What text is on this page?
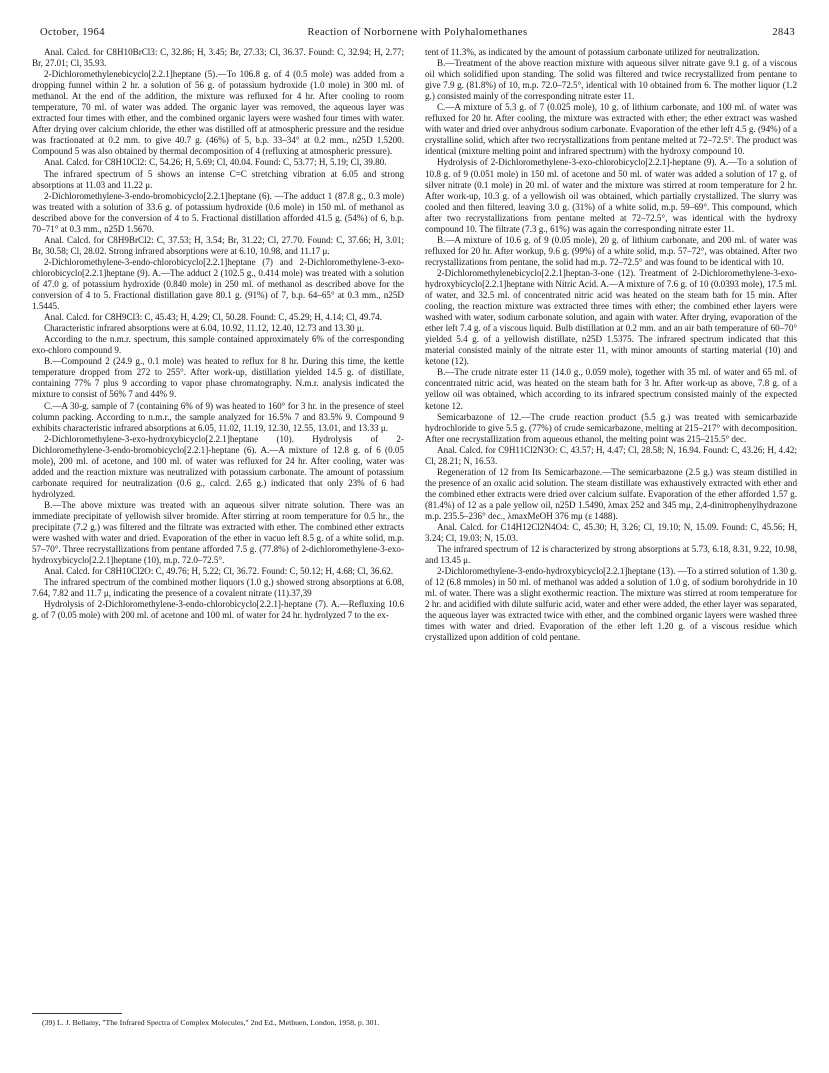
October, 1964	Reaction of Norbornene with Polyhalomethanes	2843

Anal. Calcd. for C8H10BrCl3: C, 32.86; H, 3.45; Br, 27.33; Cl, 36.37. Found: C, 32.94; H, 2.77; Br, 27.01; Cl, 35.93.

2-Dichloromethylenebicyclo[2.2.1]heptane (5).—To 106.8 g. of 4 (0.5 mole) was added from a dropping funnel within 2 hr. a solution of 56 g. of potassium hydroxide (1.0 mole) in 300 ml. of methanol. At the end of the addition, the mixture was refluxed for 4 hr. After cooling to room temperature, 70 ml. of water was added. The organic layer was removed, the aqueous layer was extracted four times with ether, and the combined organic layers were washed four times with water. After drying over calcium chloride, the ether was distilled off at atmospheric pressure and the residue was fractionated at 0.2 mm. to give 40.7 g. (46%) of 5, b.p. 33–34° at 0.2 mm., n25D 1.5200. Compound 5 was also obtained by thermal decomposition of 4 (refluxing at atmospheric pressure).

Anal. Calcd. for C8H10Cl2: C, 54.26; H, 5.69; Cl, 40.04. Found: C, 53.77; H, 5.19; Cl, 39.80.

The infrared spectrum of 5 shows an intense C=C stretching vibration at 6.05 and strong absorptions at 11.03 and 11.22 μ.

2-Dichloromethylene-3-endo-bromobicyclo[2.2.1]heptane (6). —The adduct 1 (87.8 g., 0.3 mole) was treated with a solution of 33.6 g. of potassium hydroxide (0.6 mole) in 150 ml. of methanol as described above for the conversion of 4 to 5. Fractional distillation afforded 41.5 g. (54%) of 6, b.p. 70–71° at 0.3 mm., n25D 1.5670.

Anal. Calcd. for C8H9BrCl2: C, 37.53; H, 3.54; Br, 31.22; Cl, 27.70. Found: C, 37.66; H, 3.01; Br, 30.58; Cl, 28.02. Strong infrared absorptions were at 6.10, 10.98, and 11.17 μ.

2-Dichloromethylene-3-endo-chlorobicyclo[2.2.1]heptane (7) and 2-Dichloromethylene-3-exo-chlorobicyclo[2.2.1]heptane (9). A.—The adduct 2 (102.5 g., 0.414 mole) was treated with a solution of 47.0 g. of potassium hydroxide (0.840 mole) in 250 ml. of methanol as described above for the conversion of 4 to 5. Fractional distillation gave 80.1 g. (91%) of 7, b.p. 64–65° at 0.3 mm., n25D 1.5445.

Anal. Calcd. for C8H9Cl3: C, 45.43; H, 4.29; Cl, 50.28. Found: C, 45.29; H, 4.14; Cl, 49.74.

Characteristic infrared absorptions were at 6.04, 10.92, 11.12, 12.40, 12.73 and 13.30 μ.

According to the n.m.r. spectrum, this sample contained approximately 6% of the corresponding exo-chloro compound 9.

B.—Compound 2 (24.9 g., 0.1 mole) was heated to reflux for 8 hr. During this time, the kettle temperature dropped from 272 to 255°. After work-up, distillation yielded 14.5 g. of distillate, containing 77% 7 plus 9 according to vapor phase chromatography. N.m.r. analysis indicated the mixture to consist of 56% 7 and 44% 9.

C.—A 30-g. sample of 7 (containing 6% of 9) was heated to 160° for 3 hr. in the presence of steel column packing. According to n.m.r., the sample analyzed for 16.5% 7 and 83.5% 9. Compound 9 exhibits characteristic infrared absorptions at 6.05, 11.02, 11.19, 12.30, 12.55, 13.01, and 13.33 μ.

2-Dichloromethylene-3-exo-hydroxybicyclo[2.2.1]heptane (10). Hydrolysis of 2-Dichloromethylene-3-endo-bromobicyclo[2.2.1]-heptane (6). A.—A mixture of 12.8 g. of 6 (0.05 mole), 200 ml. of acetone, and 100 ml. of water was refluxed for 24 hr. After cooling, water was added and the reaction mixture was neutralized with potassium carbonate. The amount of potassium carbonate required for neutralization (0.6 g., calcd. 2.65 g.) indicated that only 23% of 6 had hydrolyzed.

B.—The above mixture was treated with an aqueous silver nitrate solution. There was an immediate precipitate of yellowish silver bromide. After stirring at room temperature for 0.5 hr., the precipitate (7.2 g.) was filtered and the filtrate was extracted with ether. The combined ether extracts were washed with water and dried. Evaporation of the ether in vacuo left 8.5 g. of a white solid, m.p. 57–70°. Three recrystallizations from pentane afforded 7.5 g. (77.8%) of 2-dichloromethylene-3-exo-hydroxybicyclo[2.2.1]heptane (10), m.p. 72.0–72.5°.

Anal. Calcd. for C8H10Cl2O: C, 49.76; H, 5.22; Cl, 36.72. Found: C, 50.12; H, 4.68; Cl, 36.62.

The infrared spectrum of the combined mother liquors (1.0 g.) showed strong absorptions at 6.08, 7.64, 7.82 and 11.7 μ, indicating the presence of a covalent nitrate (11).37,39

Hydrolysis of 2-Dichloromethylene-3-endo-chlorobicyclo[2.2.1]-heptane (7). A.—Refluxing 10.6 g. of 7 (0.05 mole) with 200 ml. of acetone and 100 ml. of water for 24 hr. hydrolyzed 7 to the ex-

tent of 11.3%, as indicated by the amount of potassium carbonate utilized for neutralization.

B.—Treatment of the above reaction mixture with aqueous silver nitrate gave 9.1 g. of a viscous oil which solidified upon standing. The solid was filtered and twice recrystallized from pentane to give 7.9 g. (81.8%) of 10, m.p. 72.0–72.5°, identical with 10 obtained from 6. The mother liquor (1.2 g.) consisted mainly of the corresponding nitrate ester 11.

C.—A mixture of 5.3 g. of 7 (0.025 mole), 10 g. of lithium carbonate, and 100 ml. of water was refluxed for 20 hr. After cooling, the mixture was extracted with ether; the ether extract was washed with water and dried over anhydrous sodium carbonate. Evaporation of the ether left 4.5 g. (94%) of a crystalline solid, which after two recrystallizations from pentane melted at 72–72.5°. The product was identical (mixture melting point and infrared spectrum) with the hydroxy compound 10.

Hydrolysis of 2-Dichloromethylene-3-exo-chlorobicyclo[2.2.1]-heptane (9). A.—To a solution of 10.8 g. of 9 (0.051 mole) in 150 ml. of acetone and 50 ml. of water was added a solution of 17 g. of silver nitrate (0.1 mole) in 20 ml. of water and the mixture was stirred at room temperature for 2 hr. After work-up, 10.3 g. of a yellowish oil was obtained, which partially crystallized. The slurry was cooled and then filtered, leaving 3.0 g. (31%) of a white solid, m.p. 59–69°. This compound, which after two recrystallizations from pentane melted at 72–72.5°, was identical with the hydroxy compound 10. The filtrate (7.3 g., 61%) was again the corresponding nitrate ester 11.

B.—A mixture of 10.6 g. of 9 (0.05 mole), 20 g. of lithium carbonate, and 200 ml. of water was refluxed for 20 hr. After workup, 9.6 g. (99%) of a white solid, m.p. 57–72°, was obtained. After two recrystallizations from pentane, the solid had m.p. 72–72.5° and was found to be identical with 10.

2-Dichloromethylenebicyclo[2.2.1]heptan-3-one (12). Treatment of 2-Dichloromethylene-3-exo-hydroxybicyclo[2.2.1]heptane with Nitric Acid. A.—A mixture of 7.6 g. of 10 (0.0393 mole), 17.5 ml. of water, and 32.5 ml. of concentrated nitric acid was heated on the steam bath for 15 min. After cooling, the reaction mixture was extracted three times with ether; the combined ether layers were washed with water, sodium carbonate solution, and again with water. After drying, evaporation of the ether left 7.4 g. of a viscous liquid. Bulb distillation at 0.2 mm. and an air bath temperature of 60–70° yielded 5.4 g. of a yellowish distillate, n25D 1.5375. The infrared spectrum indicated that this material consisted mainly of the nitrate ester 11, with minor amounts of starting material (10) and ketone (12).

B.—The crude nitrate ester 11 (14.0 g., 0.059 mole), together with 35 ml. of water and 65 ml. of concentrated nitric acid, was heated on the steam bath for 3 hr. After work-up as above, 7.8 g. of a yellow oil was obtained, which according to its infrared spectrum consisted mainly of the expected ketone 12.

Semicarbazone of 12.—The crude reaction product (5.5 g.) was treated with semicarbazide hydrochloride to give 5.5 g. (77%) of crude semicarbazone, melting at 215–217° with decomposition. After one recrystallization from aqueous ethanol, the melting point was 215–215.5° dec.

Anal. Calcd. for C9H11Cl2N3O: C, 43.57; H, 4.47; Cl, 28.58; N, 16.94. Found: C, 43.26; H, 4.42; Cl, 28.21; N, 16.53.

Regeneration of 12 from Its Semicarbazone.—The semicarbazone (2.5 g.) was steam distilled in the presence of an oxalic acid solution. The steam distillate was exhaustively extracted with ether and the combined ether extracts were dried over calcium sulfate. Evaporation of the ether afforded 1.57 g. (81.4%) of 12 as a pale yellow oil, n25D 1.5490, λmax 252 and 345 mμ, 2,4-dinitrophenylhydrazone m.p. 235.5–236° dec., λmaxMeOH 376 mμ (ε 1488).

Anal. Calcd. for C14H12Cl2N4O4: C, 45.30; H, 3.26; Cl, 19.10; N, 15.09. Found: C, 45.56; H, 3.24; Cl, 19.03; N, 15.03.

The infrared spectrum of 12 is characterized by strong absorptions at 5.73, 6.18, 8.31, 9.22, 10.98, and 13.45 μ.

2-Dichloromethylene-3-endo-hydroxybicyclo[2.2.1]heptane (13). —To a stirred solution of 1.30 g. of 12 (6.8 mmoles) in 50 ml. of methanol was added a solution of 1.0 g. of sodium borohydride in 10 ml. of water. There was a slight exothermic reaction. The mixture was stirred at room temperature for 2 hr. and acidified with dilute sulfuric acid, water and ether were added, the ether layer was separated, the aqueous layer was extracted twice with ether, and the combined organic layers were washed three times with water and dried. Evaporation of the ether left 1.20 g. of a viscous residue which crystallized upon addition of cold pentane.

(39) L. J. Bellamy, "The Infrared Spectra of Complex Molecules," 2nd Ed., Methuen, London, 1958, p. 301.
